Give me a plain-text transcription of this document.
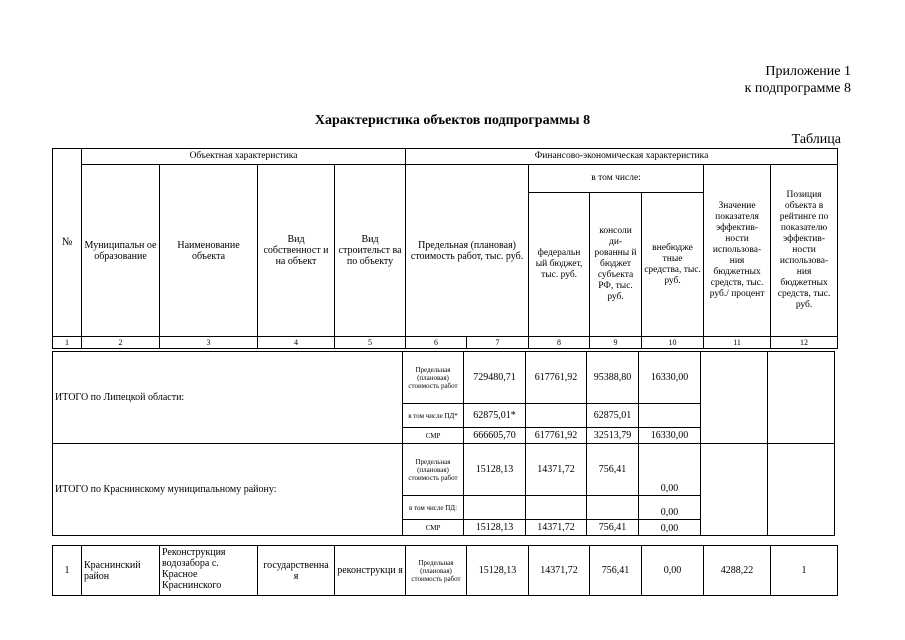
Приложение 1
к подпрограмме 8
Характеристика объектов подпрограммы 8
Таблица
№	Объектная характеристика				Финансово-экономическая характеристика						
	Муниципальн ое образование	Наименование объекта	Вид собственност и на объект	Вид строительст ва по объекту	Предельная (плановая) стоимость работ, тыс. руб.		в том числе:			Значение показателя эффектив- ности использова- ния бюджетных средств, тыс. руб./ процент	Позиция объекта в рейтинге по показателю эффектив- ности использова- ния бюджетных средств, тыс. руб.
							федеральн ый бюджет, тыс. руб.	консоли ди- рованны й бюджет субъекта РФ, тыс. руб.	внебюдже тные средства, тыс. руб.		
1	2	3	4	5	6	7	8	9	10	11	12
ИТОГО по Липецкой области:	Предельная (плановая) стоимость работ	729480,71	617761,92	95388,80	16330,00		
	в том числе ПД*	62875,01*		62875,01			
	СМР	666605,70	617761,92	32513,79	16330,00		
ИТОГО по Краснинскому муниципальному району:	Предельная (плановая) стоимость работ	15128,13	14371,72	756,41	0,00		
	в том числе ПД:				0,00		
	СМР	15128,13	14371,72	756,41	0,00		
1	Краснинский район	Реконструкция водозабора с. Красное Краснинского	государственна я	реконструкци я	Предельная (плановая) стоимость работ	15128,13	14371,72	756,41	0,00	4288,22	1
